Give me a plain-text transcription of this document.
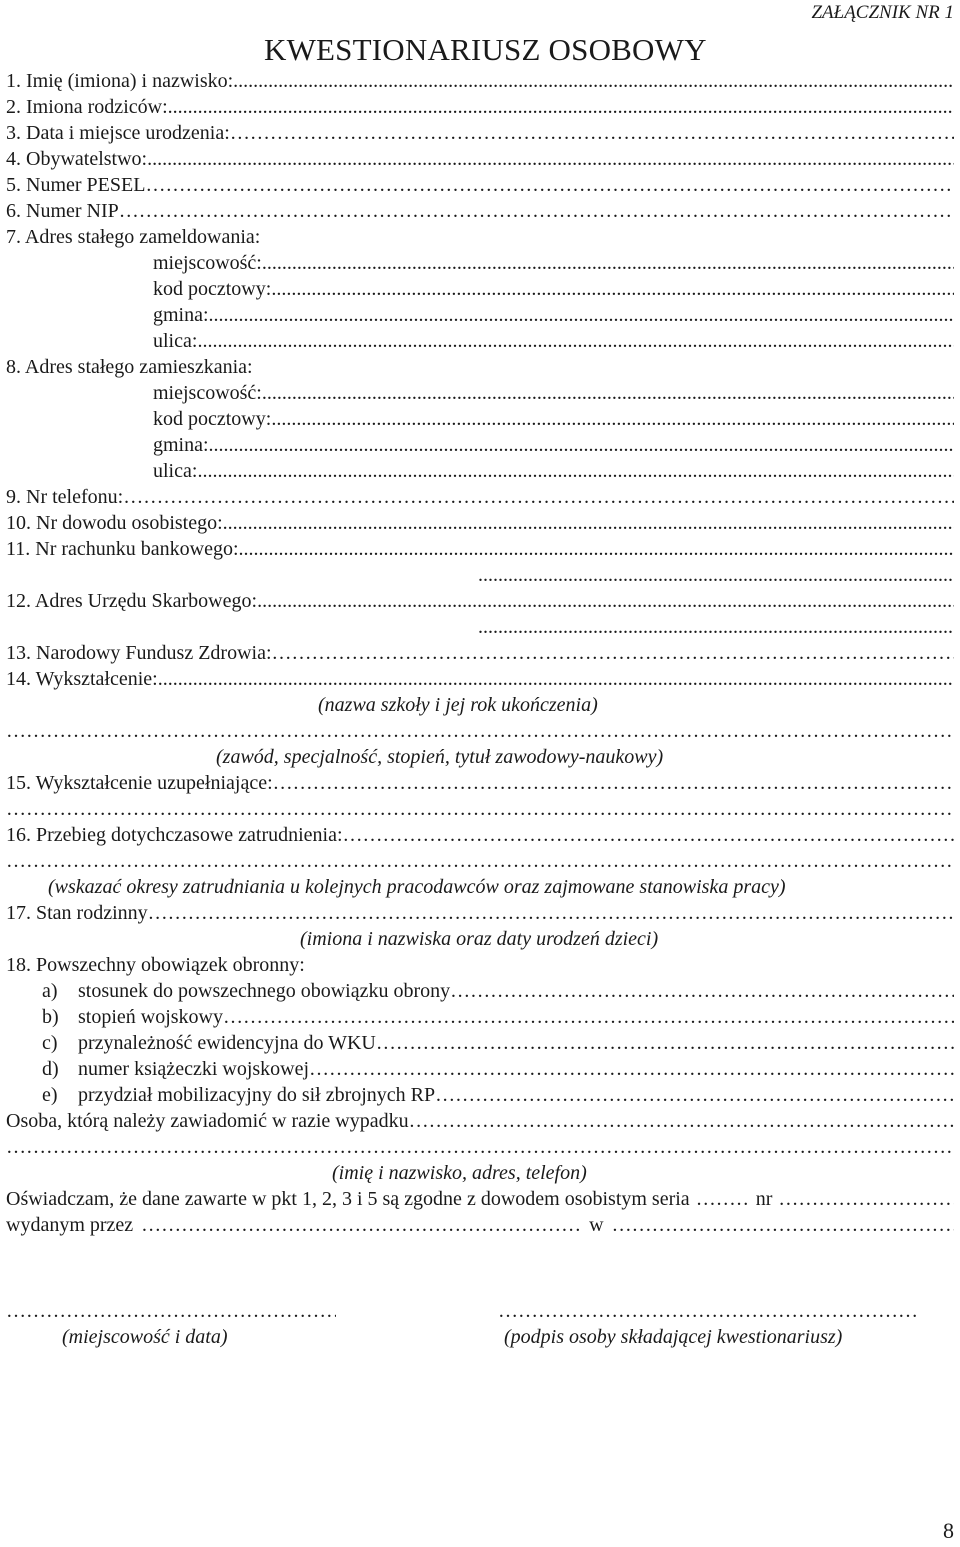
ZAŁĄCZNIK NR 1
KWESTIONARIUSZ OSOBOWY
1. Imię (imiona) i nazwisko:
.....
2. Imiona rodziców:
.....
3. Data i miejsce urodzenia:
…………………………………………………………………………………………………………………………………………………………………………………………………………………………
4. Obywatelstwo:
.....
5. Numer PESEL
…………………………………………………………………………………………………………………………………………………………………………………………………………………………
6. Numer NIP
…………………………………………………………………………………………………………………………………………………………………………………………………………………………
7. Adres stałego zameldowania:
miejscowość:
.....
kod pocztowy:
.....
gmina:
.....
ulica:
.....
8. Adres stałego zamieszkania:
miejscowość:
.....
kod pocztowy:
.....
gmina:
.....
ulica:
.....
9. Nr telefonu:
…………………………………………………………………………………………………………………………………………………………………………………………………………………………
10. Nr dowodu osobistego:
.....
11. Nr rachunku bankowego:
.....
.....
12. Adres Urzędu Skarbowego:
.....
.....
13. Narodowy Fundusz Zdrowia:
…………………………………………………………………………………………………………………………………………………………………………………………………………………………
14. Wykształcenie:
.....
(nazwa szkoły i jej rok ukończenia)
…………………………………………………………………………………………………………………………………………………………………………………………………………………………
(zawód, specjalność, stopień, tytuł zawodowy-naukowy)
15. Wykształcenie uzupełniające:
…………………………………………………………………………………………………………………………………………………………………………………………………………………………
…………………………………………………………………………………………………………………………………………………………………………………………………………………………
16. Przebieg dotychczasowe zatrudnienia:
…………………………………………………………………………………………………………………………………………………………………………………………………………………………
…………………………………………………………………………………………………………………………………………………………………………………………………………………………
(wskazać okresy zatrudniania u kolejnych pracodawców oraz zajmowane stanowiska pracy)
17. Stan rodzinny
…………………………………………………………………………………………………………………………………………………………………………………………………………………………
(imiona i nazwiska oraz daty urodzeń dzieci)
18. Powszechny obowiązek obronny:
a)	stosunek do powszechnego obowiązku obrony
…………………………………………………………………………………………………………………………………………………………………………………………………………………………
b) stopień wojskowy
…………………………………………………………………………………………………………………………………………………………………………………………………………………………
c)	przynależność ewidencyjna do WKU
…………………………………………………………………………………………………………………………………………………………………………………………………………………………
d) numer książeczki wojskowej
…………………………………………………………………………………………………………………………………………………………………………………………………………………………
e)	przydział mobilizacyjny do sił zbrojnych RP
…………………………………………………………………………………………………………………………………………………………………………………………………………………………
Osoba, którą należy zawiadomić w razie wypadku
…………………………………………………………………………………………………………………………………………………………………………………………………………………………
…………………………………………………………………………………………………………………………………………………………………………………………………………………………
(imię i nazwisko, adres, telefon)
Oświadczam, że dane zawarte w pkt 1, 2, 3 i 5 są zgodne z dowodem osobistym seria …………………………………………………………………………………………………………………………………………………………………………………………………………………………	nr
…………………………………………………………………………………………………………………………………………………………………………………………………………………………
wydanym przez …………………………………………………………………………………………………………………………………………………………………………………………………………………………	w
…………………………………………………………………………………………………………………………………………………………………………………………………………………………
…………………………………………………………………………………………………………………………………………………………………………………………………………………………
(miejscowość i data)
…………………………………………………………………………………………………………………………………………………………………………………………………………………………	(podpis osoby składającej kwestionariusz)
8
